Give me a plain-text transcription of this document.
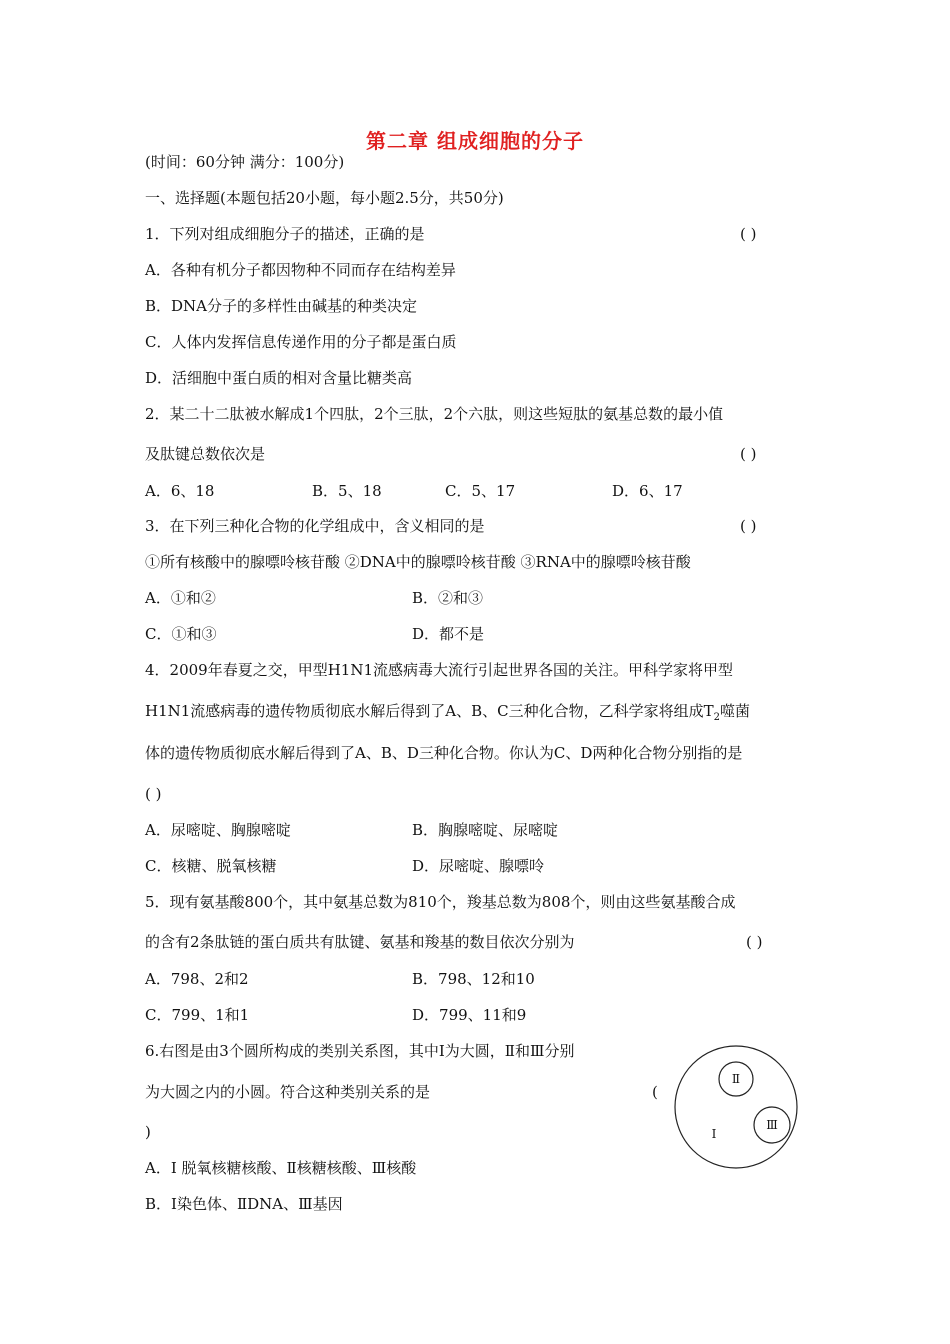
第二章 组成细胞的分子
(时间：60分钟 满分：100分)
一、选择题(本题包括20小题，每小题2.5分，共50分)
1．下列对组成细胞分子的描述，正确的是	( )
A．各种有机分子都因物种不同而存在结构差异
B．DNA分子的多样性由碱基的种类决定
C．人体内发挥信息传递作用的分子都是蛋白质
D．活细胞中蛋白质的相对含量比糖类高
2．某二十二肽被水解成1个四肽，2个三肽，2个六肽，则这些短肽的氨基总数的最小值
及肽键总数依次是	( )
A．6、18	B．5、18	C．5、17	D．6、17
3．在下列三种化合物的化学组成中，含义相同的是	( )
①所有核酸中的腺嘌呤核苷酸 ②DNA中的腺嘌呤核苷酸 ③RNA中的腺嘌呤核苷酸
A．①和②	B．②和③
C．①和③	D．都不是
4．2009年春夏之交，甲型H1N1流感病毒大流行引起世界各国的关注。甲科学家将甲型
H1N1流感病毒的遗传物质彻底水解后得到了A、B、C三种化合物，乙科学家将组成$T_2$噬菌
体的遗传物质彻底水解后得到了A、B、D三种化合物。你认为C、D两种化合物分别指的是
( )
A．尿嘧啶、胸腺嘧啶	B．胸腺嘧啶、尿嘧啶
C．核糖、脱氧核糖	D．尿嘧啶、腺嘌呤
5．现有氨基酸800个，其中氨基总数为810个，羧基总数为808个，则由这些氨基酸合成
的含有2条肽链的蛋白质共有肽键、氨基和羧基的数目依次分别为	( )
A．798、2和2	B．798、12和10
C．799、1和1	D．799、11和9
6.右图是由3个圆所构成的类别关系图，其中Ⅰ为大圆，Ⅱ和Ⅲ分别
为大圆之内的小圆。符合这种类别关系的是	(
)
A．Ⅰ 脱氧核糖核酸、Ⅱ核糖核酸、Ⅲ核酸
B．Ⅰ染色体、ⅡDNA、Ⅲ基因
Ⅰ
Ⅱ
Ⅲ
